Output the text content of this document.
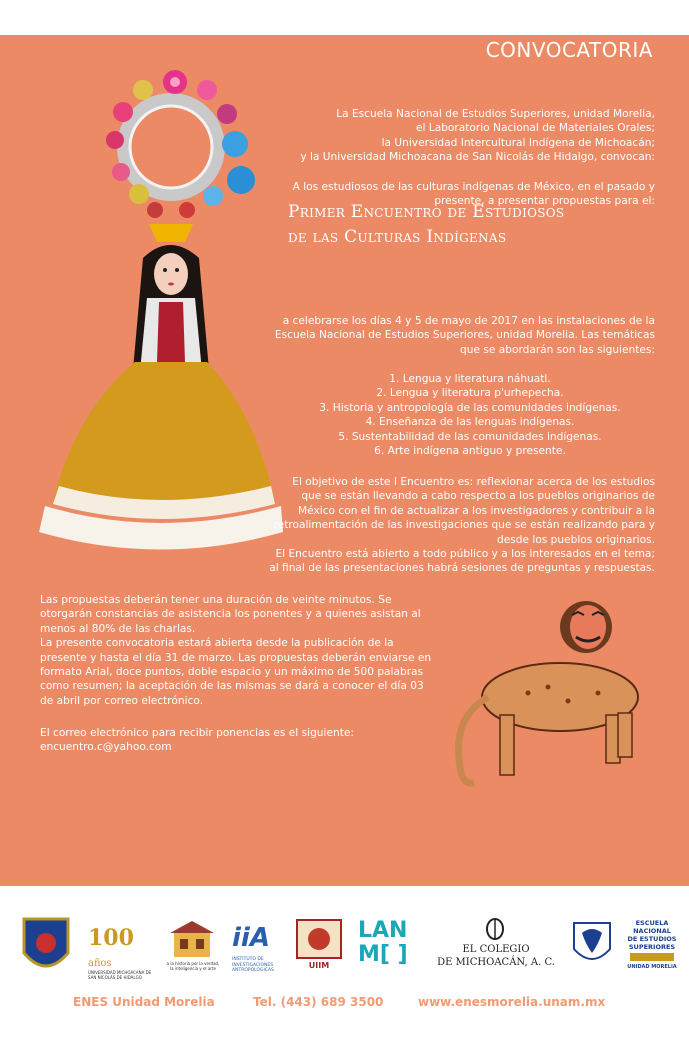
CONVOCATORIA
La Escuela Nacional de Estudios Superiores, unidad Morelia,
el Laboratorio Nacional de Materiales Orales;
la Universidad Intercultural Indígena de Michoacán;
y la Universidad Michoacana de San Nicolás de Hidalgo, convocan:
A los estudiosos de las culturas indígenas de México, en el pasado y
presente, a presentar propuestas para el:
Primer Encuentro de Estudiosos
de las Culturas Indígenas
a celebrarse los días 4 y 5 de mayo de 2017 en las instalaciones de la
Escuela Nacional de Estudios Superiores, unidad Morelia. Las temáticas
que se abordarán son las siguientes:
1. Lengua y literatura náhuatl.
2. Lengua y literatura p'urhepecha.
3. Historia y antropología de las comunidades indígenas.
4. Enseñanza de las lenguas indígenas.
5. Sustentabilidad de las comunidades indígenas.
6. Arte indígena antiguo y presente.
El objetivo de este I Encuentro es: reflexionar acerca de los estudios
que se están llevando a cabo respecto a los pueblos originarios de
México con el fin de actualizar a los investigadores y contribuir a la
retroalimentación de las investigaciones que se están realizando para y
desde los pueblos originarios.
El Encuentro está abierto a todo público y a los interesados en el tema;
al final de las presentaciones habrá sesiones de preguntas y respuestas.
Las propuestas deberán tener una duración de veinte minutos. Se
otorgarán constancias de asistencia los ponentes y a quienes asistan al
menos al 80% de las charlas.
La presente convocatoria estará abierta desde la publicación de la
presente y hasta el día 31 de marzo. Las propuestas deberán enviarse en
formato Arial, doce puntos, doble espacio y un máximo de 500 palabras
como resumen; la aceptación de las mismas se dará a conocer el día 03
de abril por correo electrónico.
El correo electrónico para recibir ponencias es el siguiente:
encuentro.c@yahoo.com
100 años
UNIVERSIDAD MICHOACANA DE SAN NICOLÁS DE HIDALGO
a la historia por la verdad, la inteligencia y el arte
iiA
INSTITUTO DE INVESTIGACIONES ANTROPOLÓGICAS
UIIM
LAN
M[ ]	EL COLEGIO
DE MICHOACÁN, A. C.
ESCUELA
NACIONAL
DE ESTUDIOS
SUPERIORES
UNIDAD MORELIA
ENES Unidad Morelia	Tel. (443) 689 3500	www.enesmorelia.unam.mx
